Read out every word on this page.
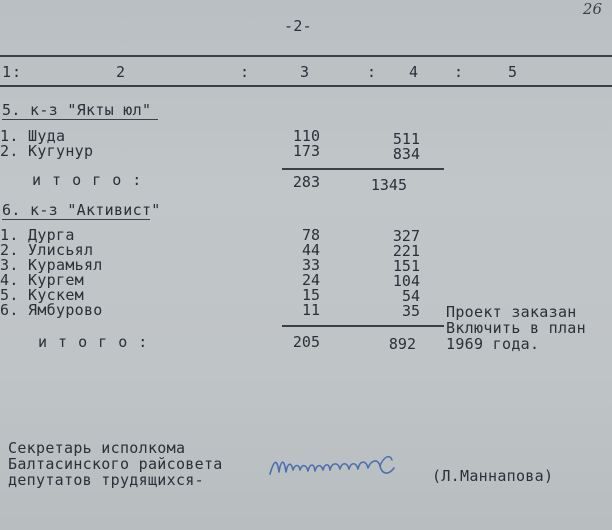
26
-2-
1 :	2	:	3	: 4 :	5
5. к-з "Якты юл"
1. Шуда	110	511
2. Кугунур	173	834
и т о г о :	283	1345
6. к-з "Активист"
1. Дурга	78	327
2. Улисьял	44	221
3. Курамьял	33	151
4. Кургем	24	104
5. Кускем	15	54
6. Ямбурово	11	35 Проект заказан
Включить в план
1969 года.
и т о г о :	205	892
Секретарь исполкома
Балтасинского райсовета
депутатов трудящихся-	(Л.Маннапова)
